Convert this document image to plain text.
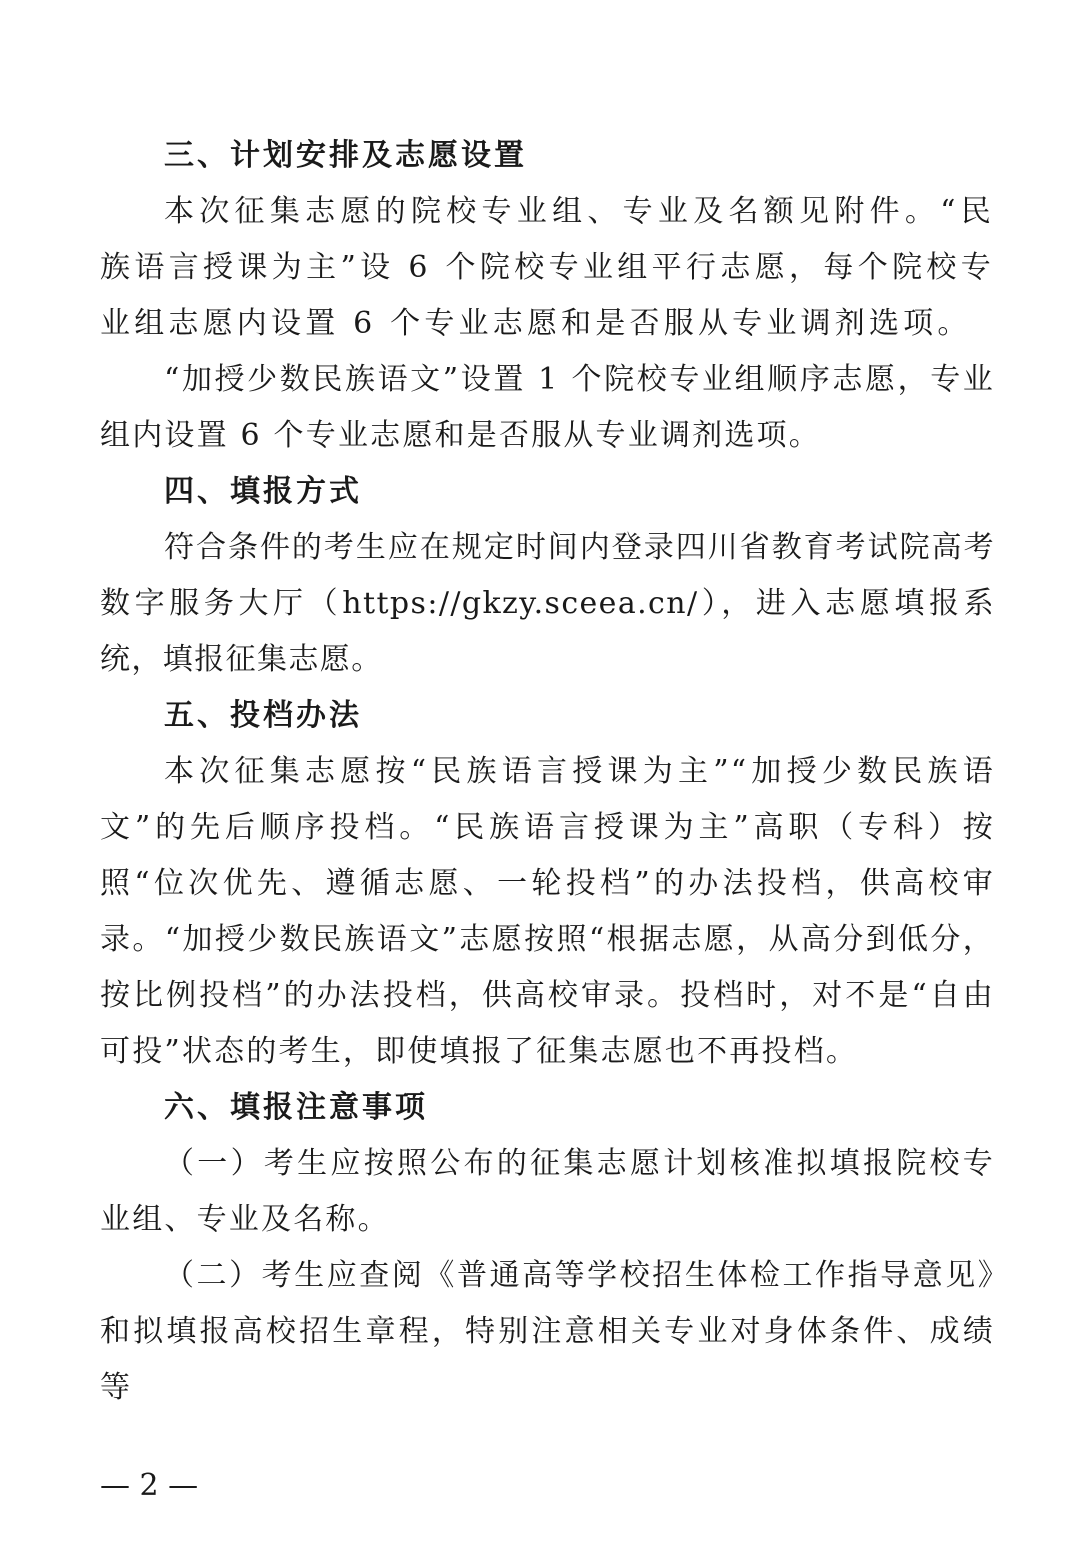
三、计划安排及志愿设置

本次征集志愿的院校专业组、专业及名额见附件。“民族语言授课为主”设 6 个院校专业组平行志愿，每个院校专业组志愿内设置 6 个专业志愿和是否服从专业调剂选项。

“加授少数民族语文”设置 1 个院校专业组顺序志愿，专业组内设置 6 个专业志愿和是否服从专业调剂选项。

四、填报方式

符合条件的考生应在规定时间内登录四川省教育考试院高考数字服务大厅（https://gkzy.sceea.cn/），进入志愿填报系统，填报征集志愿。

五、投档办法

本次征集志愿按“民族语言授课为主”“加授少数民族语文”的先后顺序投档。“民族语言授课为主”高职（专科）按照“位次优先、遵循志愿、一轮投档”的办法投档，供高校审录。“加授少数民族语文”志愿按照“根据志愿，从高分到低分，按比例投档”的办法投档，供高校审录。投档时，对不是“自由可投”状态的考生，即使填报了征集志愿也不再投档。

六、填报注意事项

（一）考生应按照公布的征集志愿计划核准拟填报院校专业组、专业及名称。

（二）考生应查阅《普通高等学校招生体检工作指导意见》和拟填报高校招生章程，特别注意相关专业对身体条件、成绩等

— 2 —
